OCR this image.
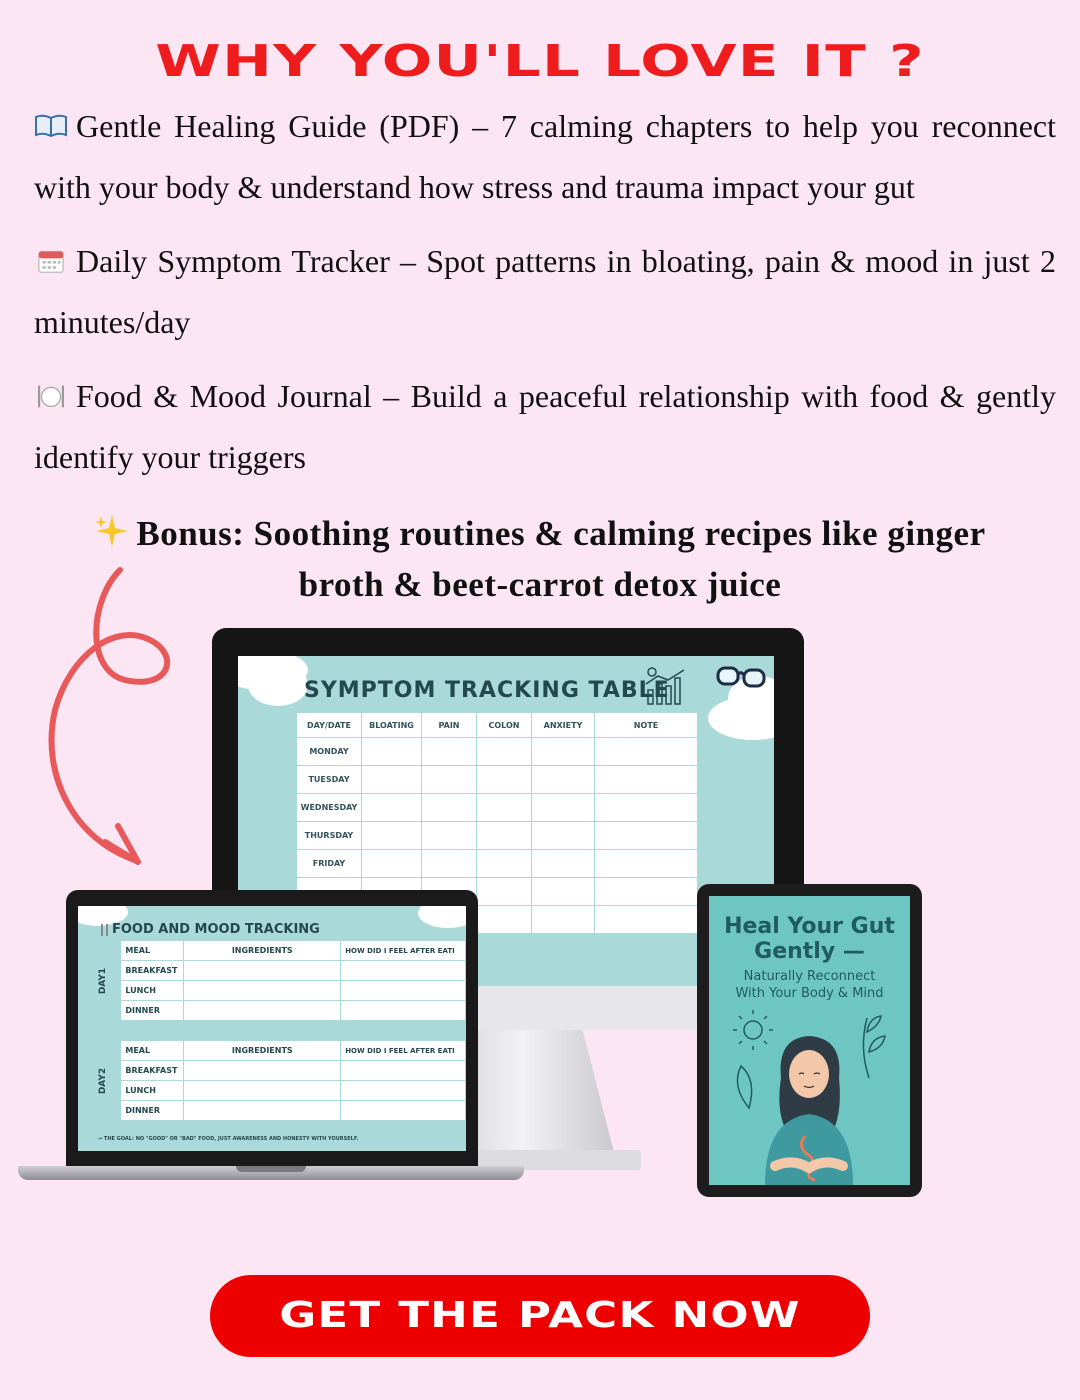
WHY YOU'LL LOVE IT ?
Gentle Healing Guide (PDF) – 7 calming chapters to help you reconnect with your body & understand how stress and trauma impact your gut
Daily Symptom Tracker – Spot patterns in bloating, pain & mood in just 2 minutes/day
Food & Mood Journal – Build a peaceful relationship with food & gently identify your triggers
Bonus: Soothing routines & calming recipes like ginger broth & beet-carrot detox juice
SYMPTOM TRACKING TABLE
DAY/DATE	BLOATING	PAIN	COLON	ANXIETY	NOTE
MONDAY					
TUESDAY					
WEDNESDAY					
THURSDAY					
FRIDAY					

FOOD AND MOOD TRACKING
DAY1	MEAL	INGREDIENTS	HOW DID I FEEL AFTER EATI
	BREAKFAST		
	LUNCH		
	DINNER		
DAY2	MEAL	INGREDIENTS	HOW DID I FEEL AFTER EATI
	BREAKFAST		
	LUNCH		
	DINNER		
→ THE GOAL: NO "GOOD" OR "BAD" FOOD, JUST AWARENESS AND HONESTY WITH YOURSELF.
Heal Your Gut
Gently —
Naturally Reconnect
With Your Body & Mind
GET THE PACK NOW
